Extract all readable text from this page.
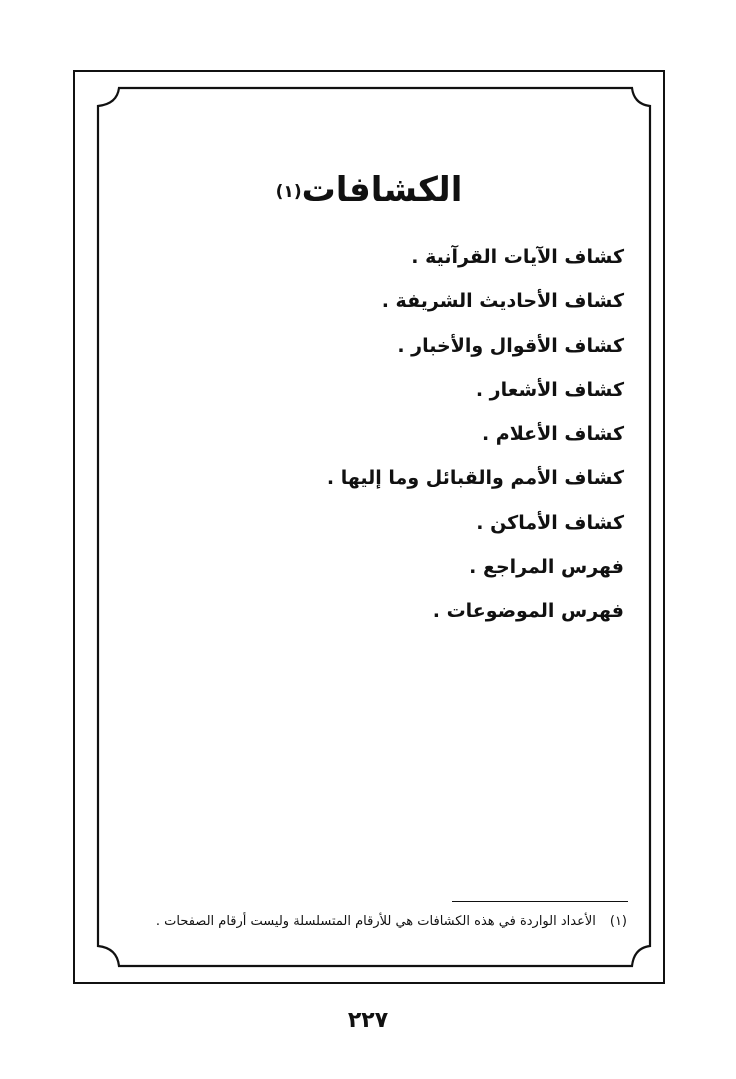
الكشافات$^{(١)}$
كشاف الآيات القرآنية .
كشاف الأحاديث الشريفة .
كشاف الأقوال والأخبار .
كشاف الأشعار .
كشاف الأعلام .
كشاف الأمم والقبائل وما إليها .
كشاف الأماكن .
فهرس المراجع .
فهرس الموضوعات .
(١)الأعداد الواردة في هذه الكشافات هي للأرقام المتسلسلة وليست أرقام الصفحات .
٢٢٧
